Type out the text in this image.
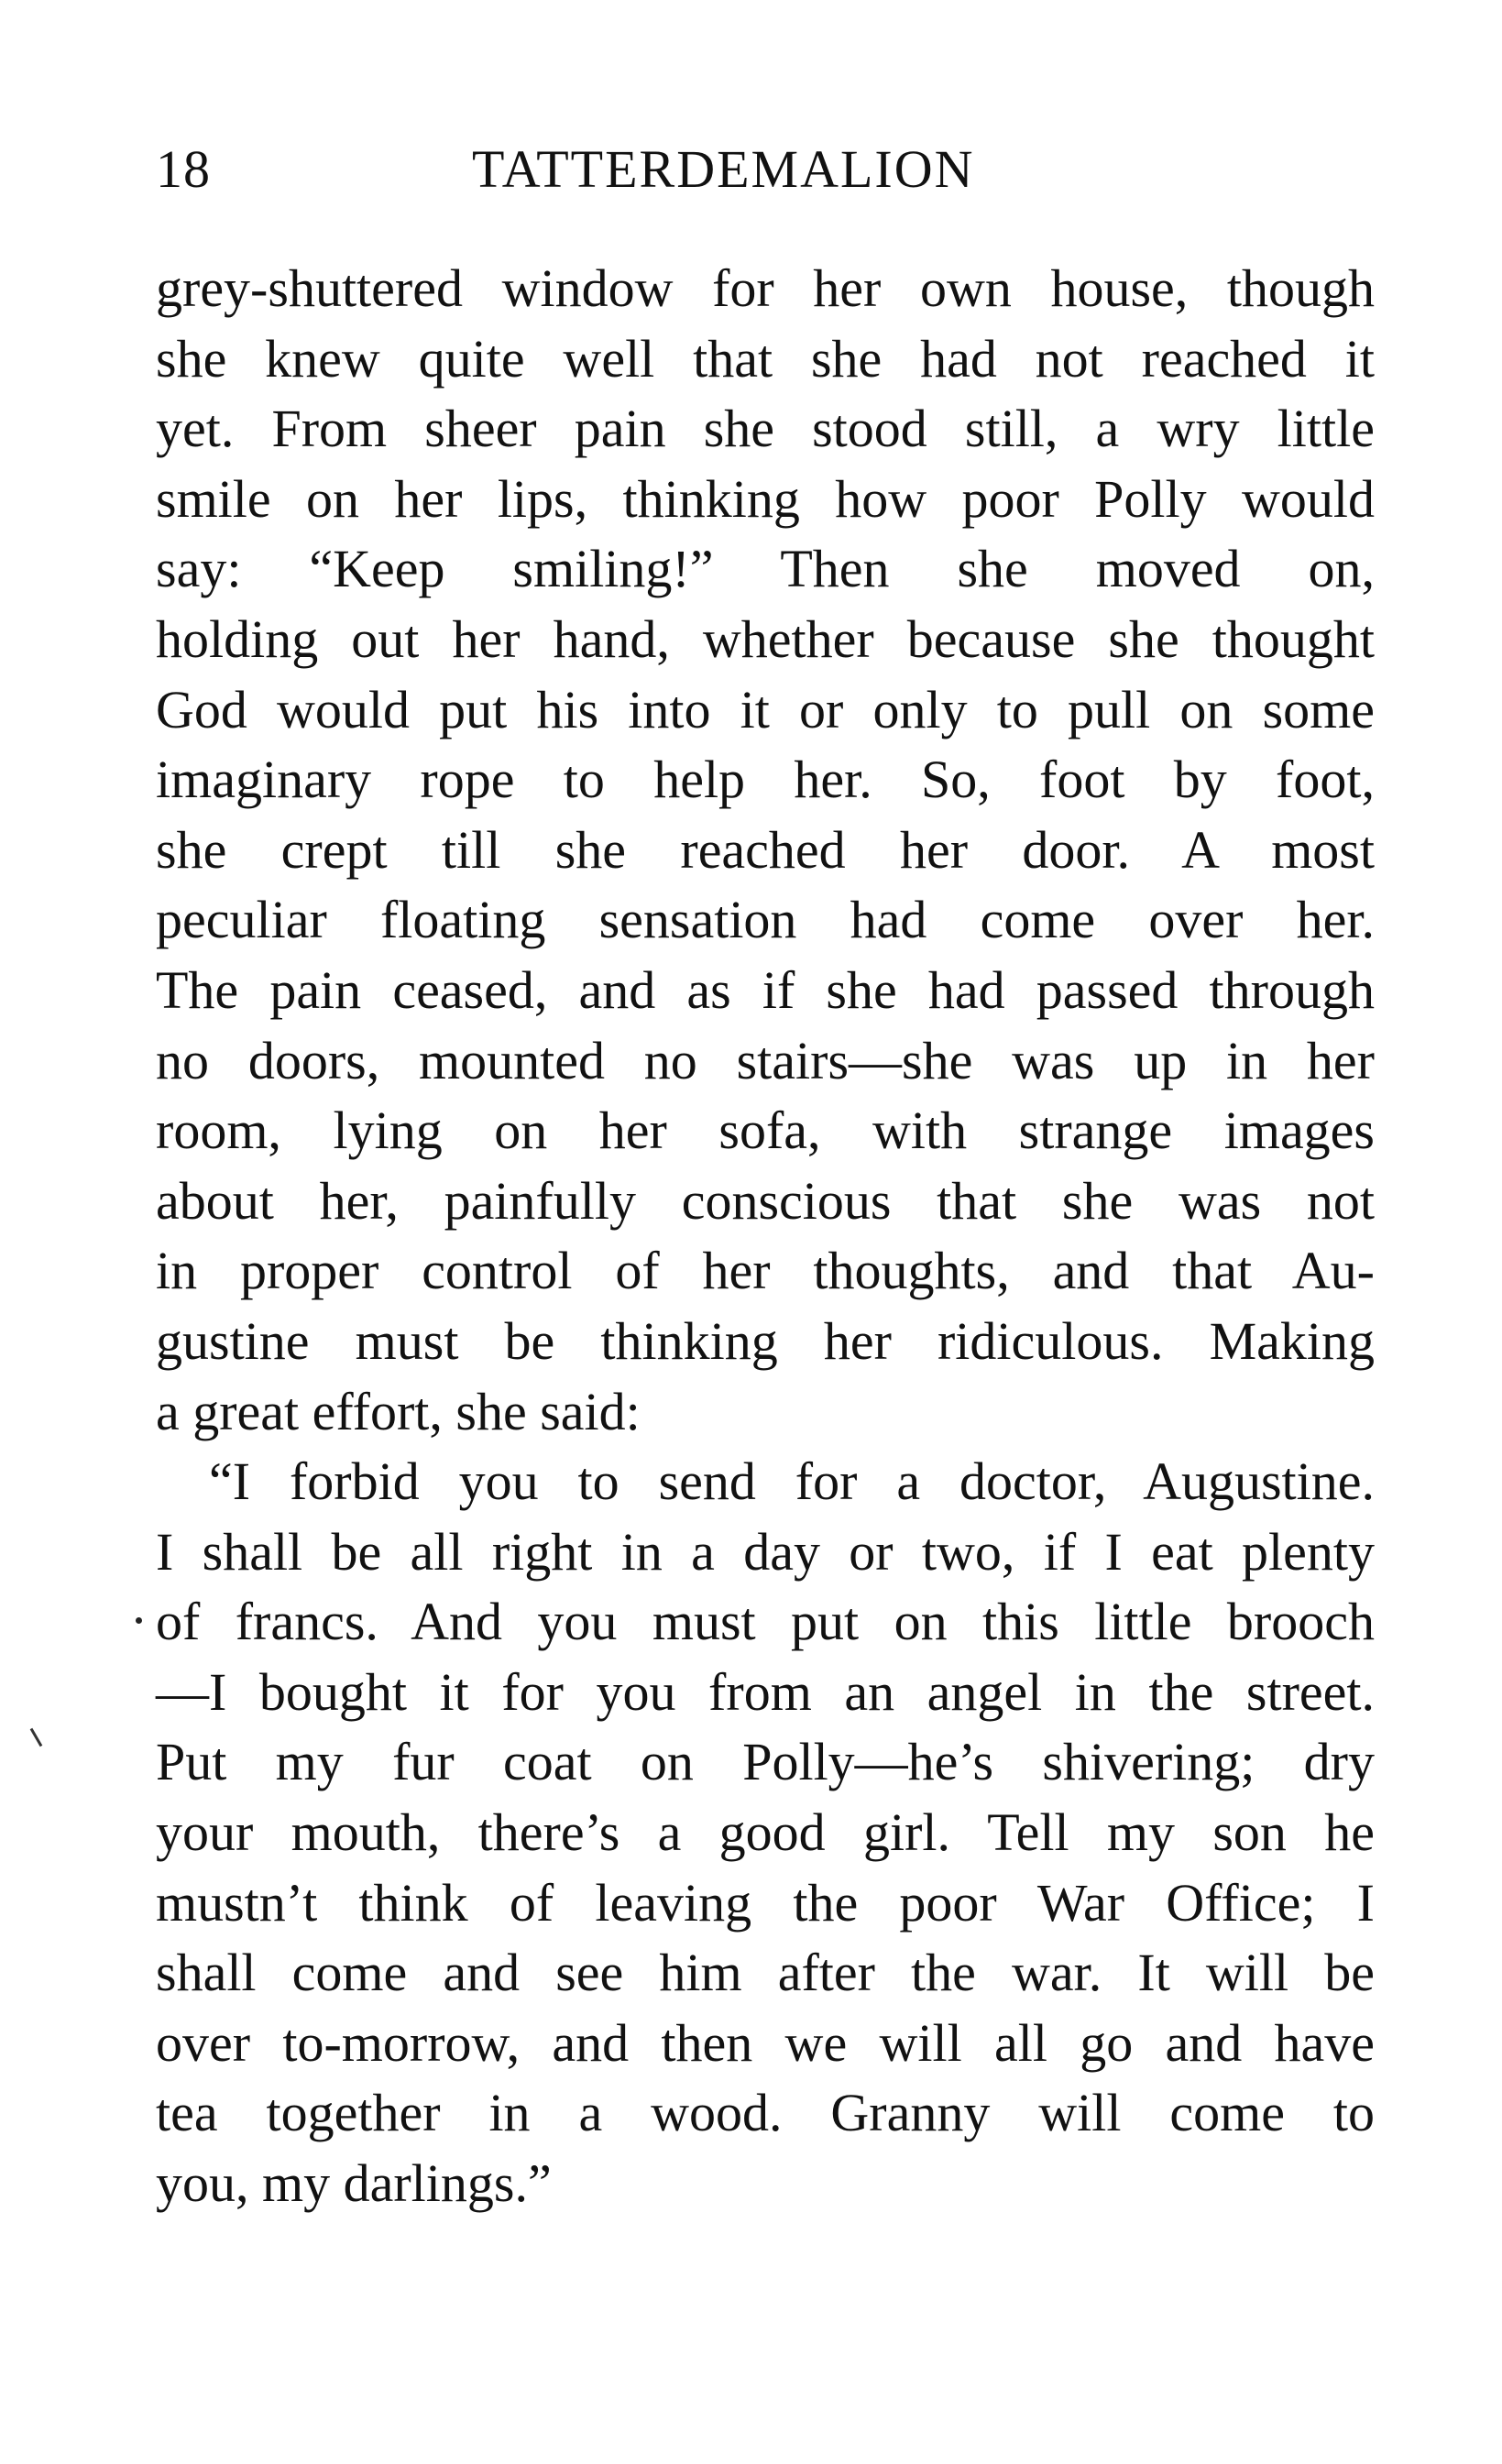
18	TATTERDEMALION
grey-shuttered window for her own house, though
she knew quite well that she had not reached it
yet. From sheer pain she stood still, a wry little
smile on her lips, thinking how poor Polly would
say: “Keep smiling!” Then she moved on,
holding out her hand, whether because she thought
God would put his into it or only to pull on some
imaginary rope to help her. So, foot by foot,
she crept till she reached her door. A most
peculiar floating sensation had come over her.
The pain ceased, and as if she had passed through
no doors, mounted no stairs—she was up in her
room, lying on her sofa, with strange images
about her, painfully conscious that she was not
in proper control of her thoughts, and that Au-
gustine must be thinking her ridiculous. Making
a great effort, she said:
“I forbid you to send for a doctor, Augustine.
I shall be all right in a day or two, if I eat plenty
of francs. And you must put on this little brooch
—I bought it for you from an angel in the street.
Put my fur coat on Polly—he’s shivering; dry
your mouth, there’s a good girl. Tell my son he
mustn’t think of leaving the poor War Office; I
shall come and see him after the war. It will be
over to-morrow, and then we will all go and have
tea together in a wood. Granny will come to
you, my darlings.”
